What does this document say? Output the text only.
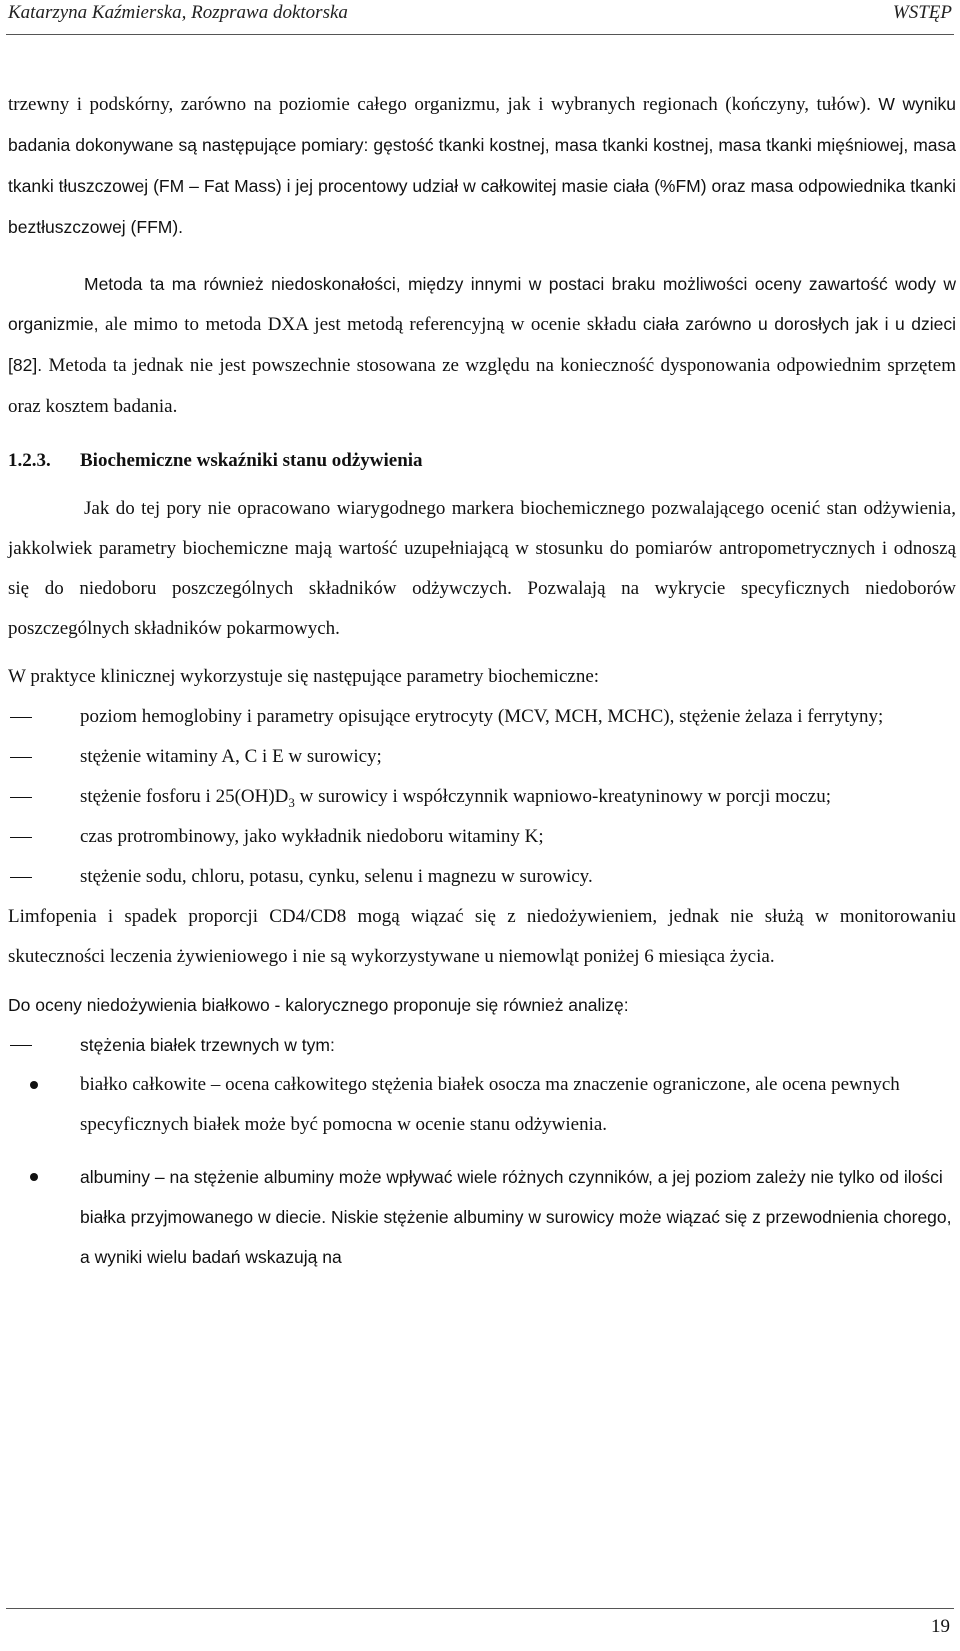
Katarzyna Kaźmierska, Rozprawa doktorska	WSTĘP

trzewny i podskórny, zarówno na poziomie całego organizmu, jak i wybranych regionach (kończyny, tułów). W wyniku badania dokonywane są następujące pomiary: gęstość tkanki kostnej, masa tkanki kostnej, masa tkanki mięśniowej, masa tkanki tłuszczowej (FM – Fat Mass) i jej procentowy udział w całkowitej masie ciała (%FM) oraz masa odpowiednika tkanki beztłuszczowej (FFM).

Metoda ta ma również niedoskonałości, między innymi w postaci braku możliwości oceny zawartość wody w organizmie, ale mimo to metoda DXA jest metodą referencyjną w ocenie składu ciała zarówno u dorosłych jak i u dzieci [82]. Metoda ta jednak nie jest powszechnie stosowana ze względu na konieczność dysponowania odpowiednim sprzętem oraz kosztem badania.

1.2.3. Biochemiczne wskaźniki stanu odżywienia

Jak do tej pory nie opracowano wiarygodnego markera biochemicznego pozwalającego ocenić stan odżywienia, jakkolwiek parametry biochemiczne mają wartość uzupełniającą w stosunku do pomiarów antropometrycznych i odnoszą się do niedoboru poszczególnych składników odżywczych. Pozwalają na wykrycie specyficznych niedoborów poszczególnych składników pokarmowych.

W praktyce klinicznej wykorzystuje się następujące parametry biochemiczne:

poziom hemoglobiny i parametry opisujące erytrocyty (MCV, MCH, MCHC), stężenie żelaza i ferrytyny;
stężenie witaminy A, C i E w surowicy;
stężenie fosforu i $25(OH)D_3$ w surowicy i współczynnik wapniowo-kreatyninowy w porcji moczu;
czas protrombinowy, jako wykładnik niedoboru witaminy K;
stężenie sodu, chloru, potasu, cynku, selenu i magnezu w surowicy.

Limfopenia i spadek proporcji CD4/CD8 mogą wiązać się z niedożywieniem, jednak nie służą w monitorowaniu skuteczności leczenia żywieniowego i nie są wykorzystywane u niemowląt poniżej 6 miesiąca życia.

Do oceny niedożywienia białkowo - kalorycznego proponuje się również analizę:

stężenia białek trzewnych w tym:
białko całkowite – ocena całkowitego stężenia białek osocza ma znaczenie ograniczone, ale ocena pewnych specyficznych białek może być pomocna w ocenie stanu odżywienia.
albuminy – na stężenie albuminy może wpływać wiele różnych czynników, a jej poziom zależy nie tylko od ilości białka przyjmowanego w diecie. Niskie stężenie albuminy w surowicy może wiązać się z przewodnienia chorego, a wyniki wielu badań wskazują na
19
